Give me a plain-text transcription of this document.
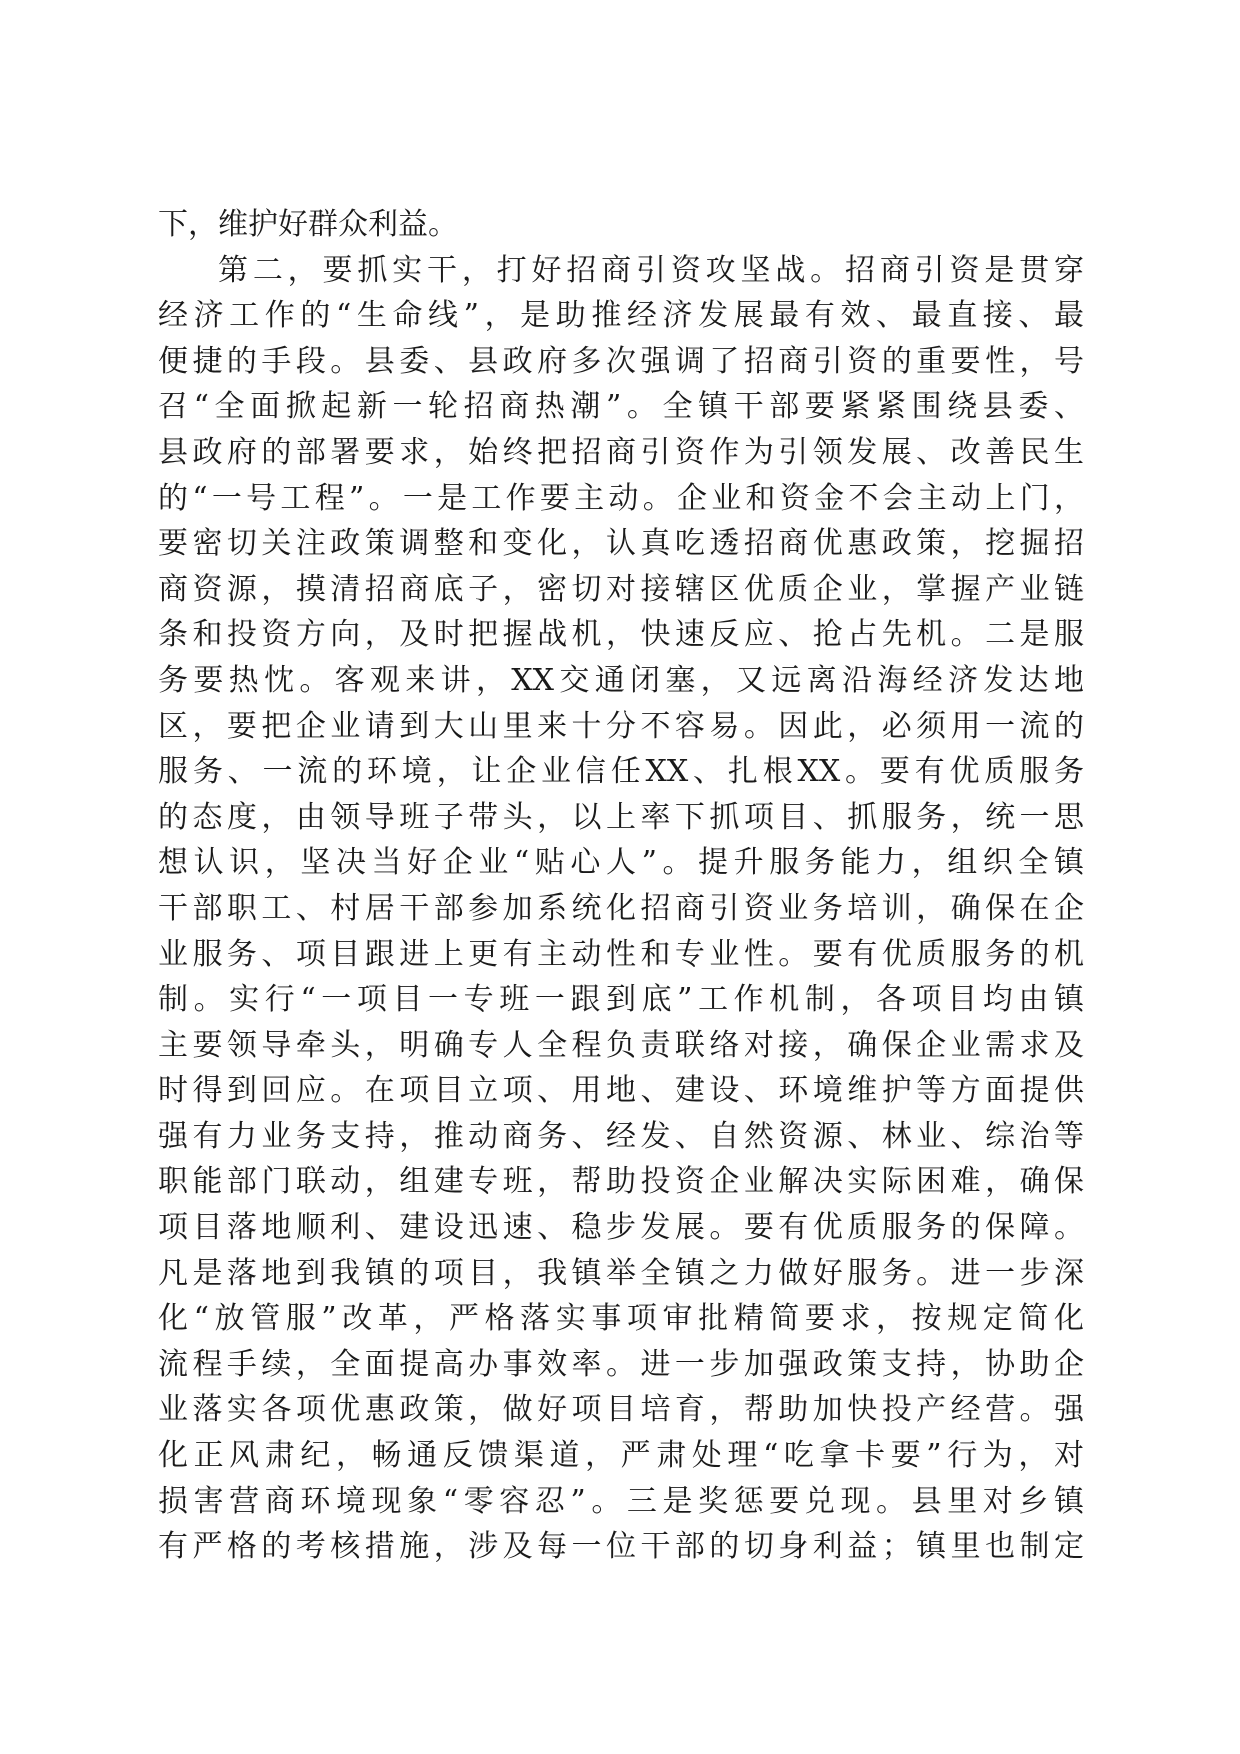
下，维护好群众利益。
第二，要抓实干，打好招商引资攻坚战。招商引资是贯穿
经济工作的“生命线”，是助推经济发展最有效、最直接、最
便捷的手段。县委、县政府多次强调了招商引资的重要性，号
召“全面掀起新一轮招商热潮”。全镇干部要紧紧围绕县委、
县政府的部署要求，始终把招商引资作为引领发展、改善民生
的“一号工程”。一是工作要主动。企业和资金不会主动上门，
要密切关注政策调整和变化，认真吃透招商优惠政策，挖掘招
商资源，摸清招商底子，密切对接辖区优质企业，掌握产业链
条和投资方向，及时把握战机，快速反应、抢占先机。二是服
务要热忱。客观来讲，XX交通闭塞，又远离沿海经济发达地
区，要把企业请到大山里来十分不容易。因此，必须用一流的
服务、一流的环境，让企业信任XX、扎根XX。要有优质服务
的态度，由领导班子带头，以上率下抓项目、抓服务，统一思
想认识，坚决当好企业“贴心人”。提升服务能力，组织全镇
干部职工、村居干部参加系统化招商引资业务培训，确保在企
业服务、项目跟进上更有主动性和专业性。要有优质服务的机
制。实行“一项目一专班一跟到底”工作机制，各项目均由镇
主要领导牵头，明确专人全程负责联络对接，确保企业需求及
时得到回应。在项目立项、用地、建设、环境维护等方面提供
强有力业务支持，推动商务、经发、自然资源、林业、综治等
职能部门联动，组建专班，帮助投资企业解决实际困难，确保
项目落地顺利、建设迅速、稳步发展。要有优质服务的保障。
凡是落地到我镇的项目，我镇举全镇之力做好服务。进一步深
化“放管服”改革，严格落实事项审批精简要求，按规定简化
流程手续，全面提高办事效率。进一步加强政策支持，协助企
业落实各项优惠政策，做好项目培育，帮助加快投产经营。强
化正风肃纪，畅通反馈渠道，严肃处理“吃拿卡要”行为，对
损害营商环境现象“零容忍”。三是奖惩要兑现。县里对乡镇
有严格的考核措施，涉及每一位干部的切身利益；镇里也制定
